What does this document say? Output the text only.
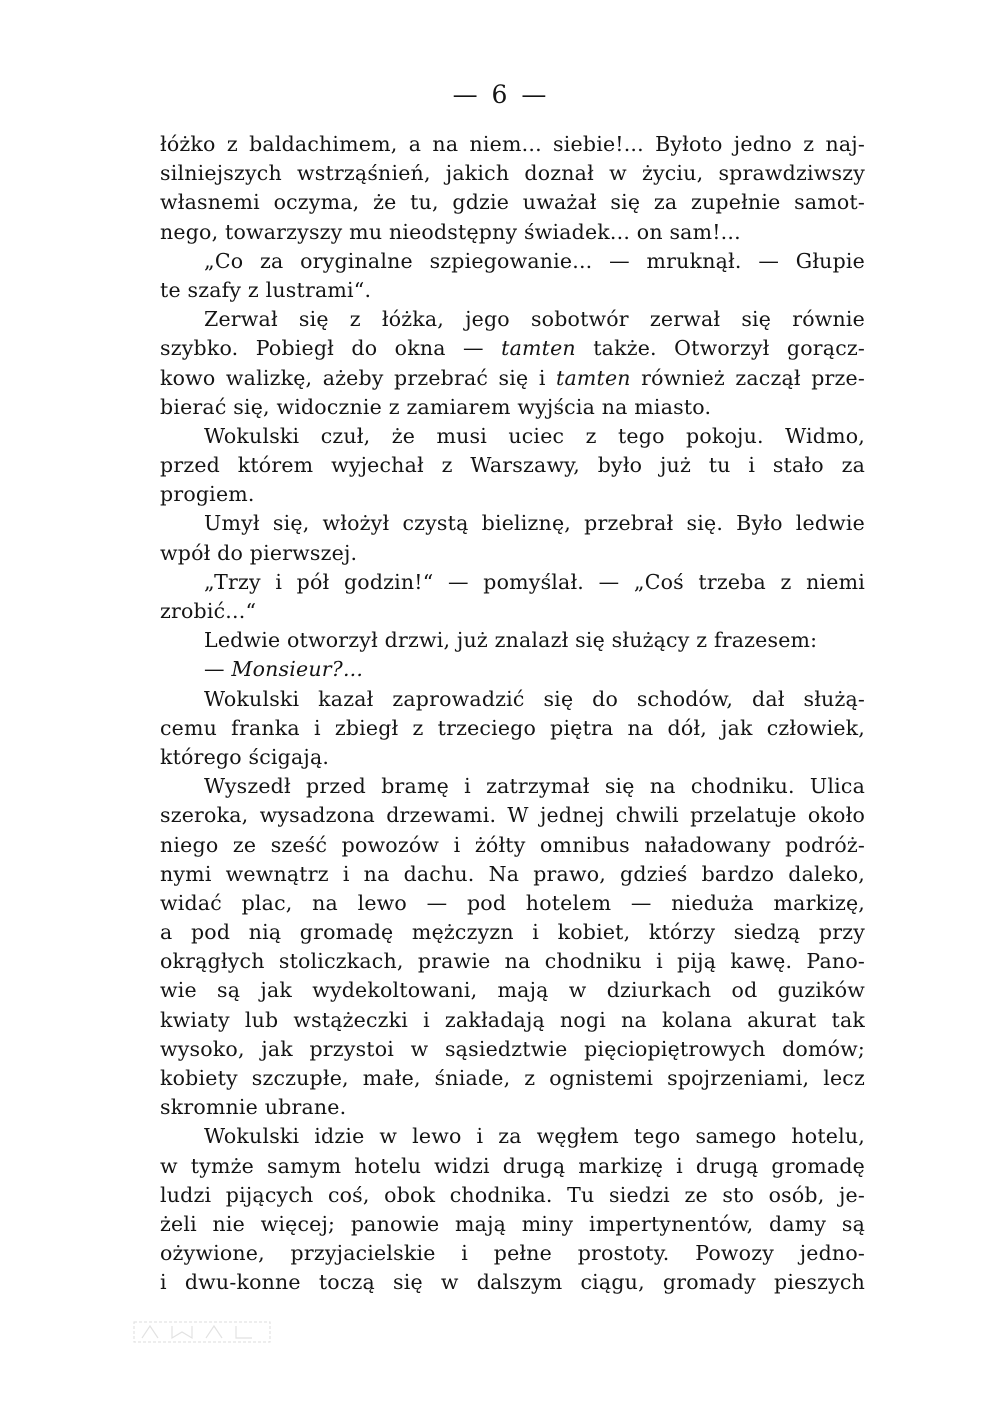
— 6 —
łóżko z baldachimem, a na niem... siebie!... Byłoto jedno z naj-
silniejszych wstrząśnień, jakich doznał w życiu, sprawdziwszy
własnemi oczyma, że tu, gdzie uważał się za zupełnie samot-
nego, towarzyszy mu nieodstępny świadek... on sam!...
„Co za oryginalne szpiegowanie... — mruknął. — Głupie
te szafy z lustrami“.
Zerwał się z łóżka, jego sobotwór zerwał się równie
szybko. Pobiegł do okna — tamten także. Otworzył gorącz-
kowo walizkę, ażeby przebrać się i tamten również zaczął prze-
bierać się, widocznie z zamiarem wyjścia na miasto.
Wokulski czuł, że musi uciec z tego pokoju. Widmo,
przed którem wyjechał z Warszawy, było już tu i stało za
progiem.
Umył się, włożył czystą bieliznę, przebrał się. Było ledwie
wpół do pierwszej.
„Trzy i pół godzin!“ — pomyślał. — „Coś trzeba z niemi
zrobić...“
Ledwie otworzył drzwi, już znalazł się służący z frazesem:
— Monsieur?...
Wokulski kazał zaprowadzić się do schodów, dał służą-
cemu franka i zbiegł z trzeciego piętra na dół, jak człowiek,
którego ścigają.
Wyszedł przed bramę i zatrzymał się na chodniku. Ulica
szeroka, wysadzona drzewami. W jednej chwili przelatuje około
niego ze sześć powozów i żółty omnibus naładowany podróż-
nymi wewnątrz i na dachu. Na prawo, gdzieś bardzo daleko,
widać plac, na lewo — pod hotelem — nieduża markizę,
a pod nią gromadę mężczyzn i kobiet, którzy siedzą przy
okrągłych stoliczkach, prawie na chodniku i piją kawę. Pano-
wie są jak wydekoltowani, mają w dziurkach od guzików
kwiaty lub wstążeczki i zakładają nogi na kolana akurat tak
wysoko, jak przystoi w sąsiedztwie pięciopiętrowych domów;
kobiety szczupłe, małe, śniade, z ognistemi spojrzeniami, lecz
skromnie ubrane.
Wokulski idzie w lewo i za węgłem tego samego hotelu,
w tymże samym hotelu widzi drugą markizę i drugą gromadę
ludzi pijących coś, obok chodnika. Tu siedzi ze sto osób, je-
żeli nie więcej; panowie mają miny impertynentów, damy są
ożywione, przyjacielskie i pełne prostoty. Powozy jedno-
i dwu-konne toczą się w dalszym ciągu, gromady pieszych
